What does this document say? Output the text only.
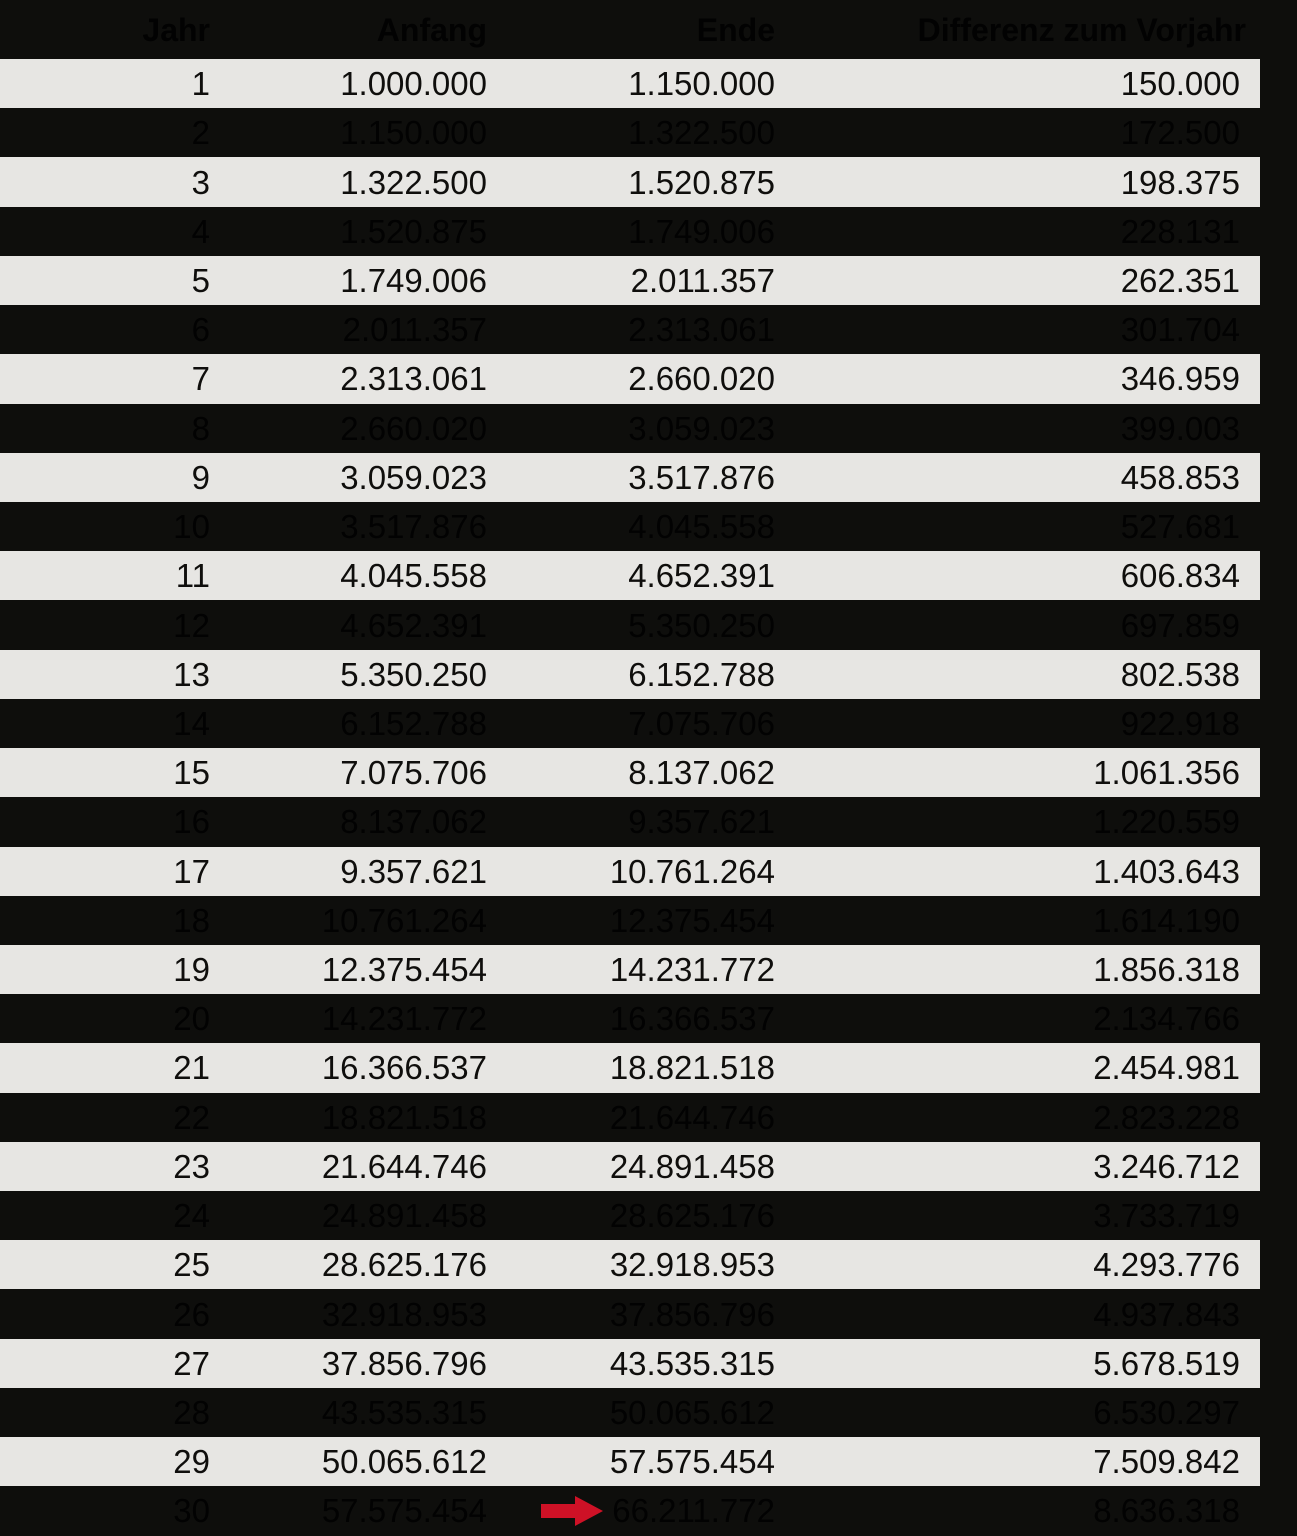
Jahr	Anfang	Ende	Differenz zum Vorjahr
1	1.000.000	1.150.000	150.000
2	1.150.000	1.322.500	172.500
3	1.322.500	1.520.875	198.375
4	1.520.875	1.749.006	228.131
5	1.749.006	2.011.357	262.351
6	2.011.357	2.313.061	301.704
7	2.313.061	2.660.020	346.959
8	2.660.020	3.059.023	399.003
9	3.059.023	3.517.876	458.853
10	3.517.876	4.045.558	527.681
11	4.045.558	4.652.391	606.834
12	4.652.391	5.350.250	697.859
13	5.350.250	6.152.788	802.538
14	6.152.788	7.075.706	922.918
15	7.075.706	8.137.062	1.061.356
16	8.137.062	9.357.621	1.220.559
17	9.357.621	10.761.264	1.403.643
18	10.761.264	12.375.454	1.614.190
19	12.375.454	14.231.772	1.856.318
20	14.231.772	16.366.537	2.134.766
21	16.366.537	18.821.518	2.454.981
22	18.821.518	21.644.746	2.823.228
23	21.644.746	24.891.458	3.246.712
24	24.891.458	28.625.176	3.733.719
25	28.625.176	32.918.953	4.293.776
26	32.918.953	37.856.796	4.937.843
27	37.856.796	43.535.315	5.678.519
28	43.535.315	50.065.612	6.530.297
29	50.065.612	57.575.454	7.509.842
30	57.575.454	66.211.772	8.636.318
